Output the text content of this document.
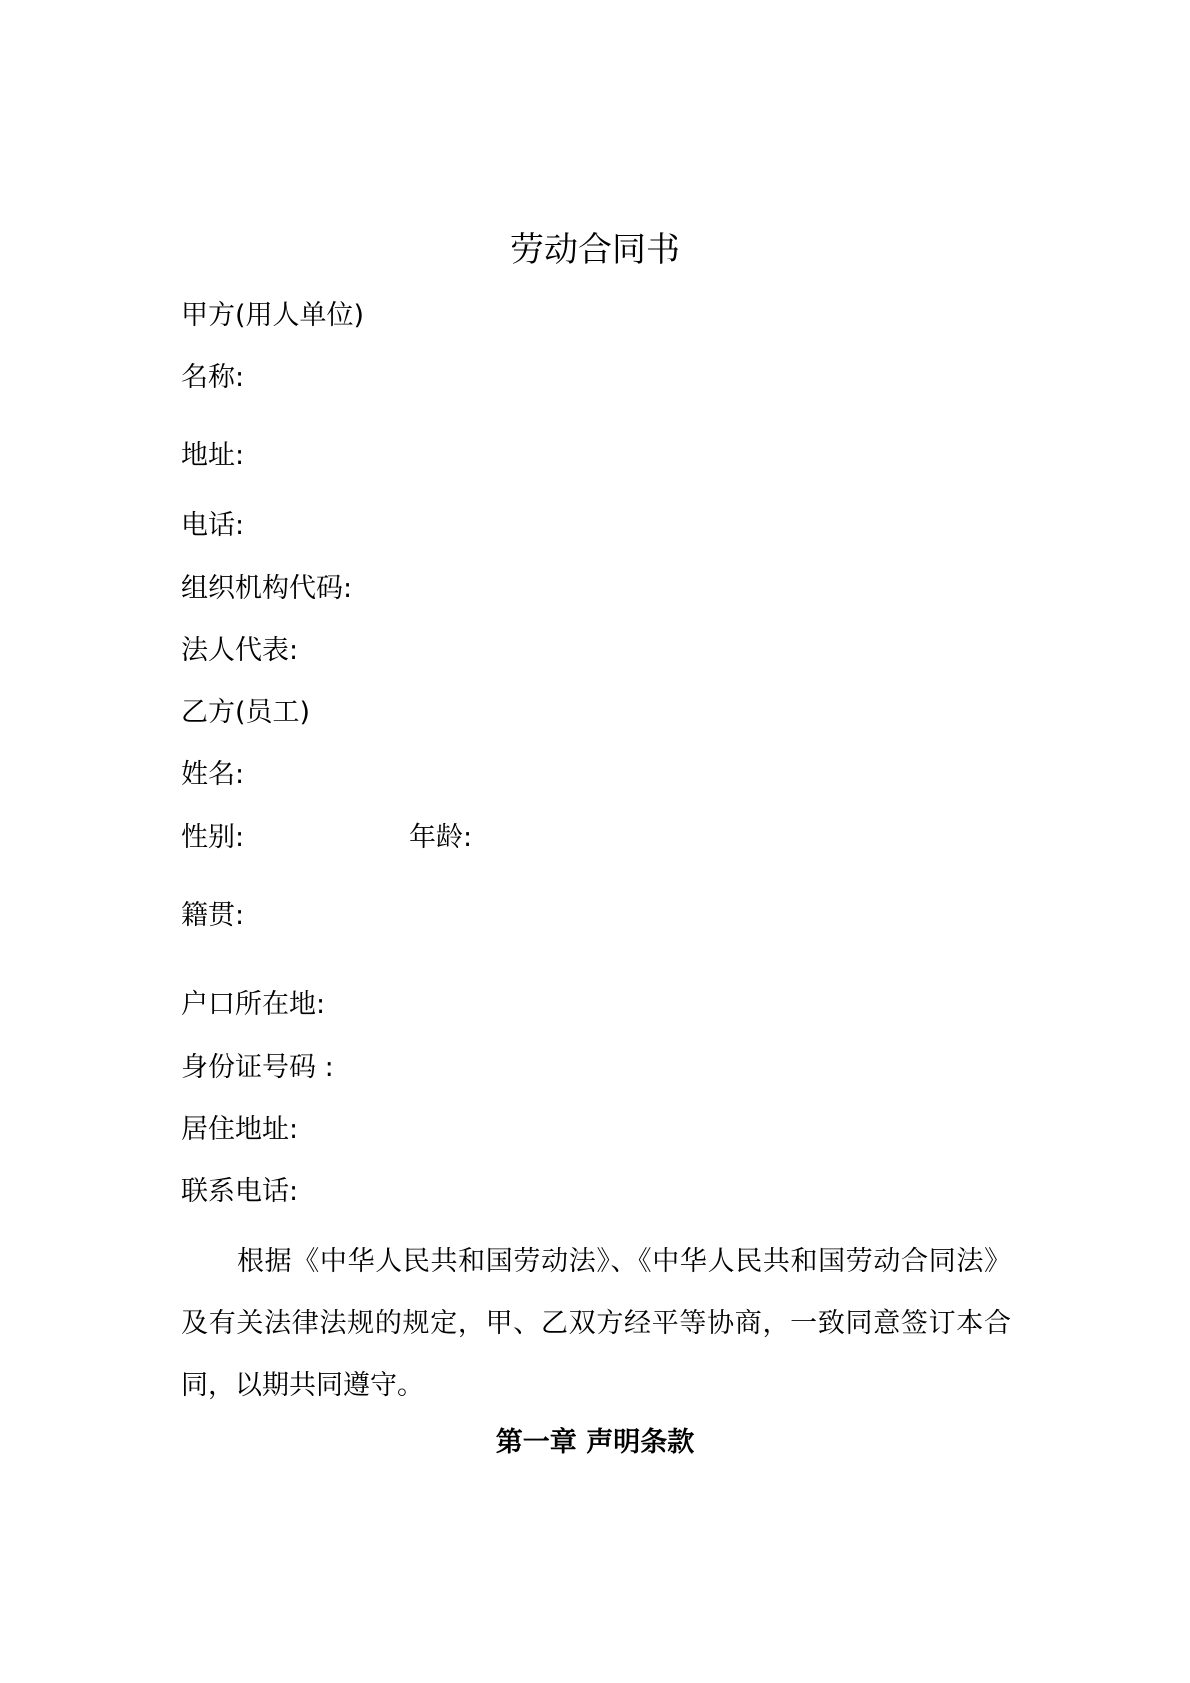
劳动合同书
甲方(用人单位)
名称:
地址:
电话:
组织机构代码:
法人代表:
乙方(员工)
姓名:
性别:	年龄:
籍贯:
户口所在地:
身份证号码 :
居住地址:
联系电话:
根据《中华人民共和国劳动法》、《中华人民共和国劳动合同法》及有关法律法规的规定，甲、乙双方经平等协商，一致同意签订本合同，以期共同遵守。
第一章 声明条款
